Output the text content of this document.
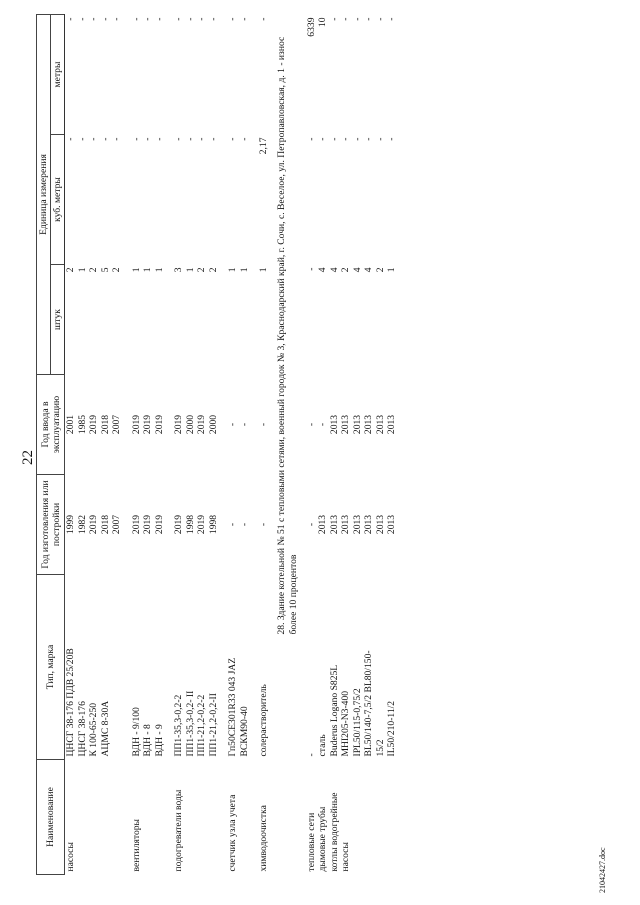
22
21042427.doc
Наименование	Тип, марка	Год изготовления или постройки	Год ввода в эксплуатацию	Единица измерения		
				штук	куб. метры	метры
насосы	ЦНСГ 38-176 ПДВ 25/20В	1999	2001	2	-	-
	ЦНСГ 38-176	1982	1985	1	-	-
	К 100-65-250	2019	2019	2	-	-
	АЦМС 8-30А	2018	2018	5	-	-
		2007	2007	2	-	-

вентиляторы	ВДН - 9/100	2019	2019	1	-	-
	ВДН - 8	2019	2019	1	-	-
	ВДН - 9	2019	2019	1	-	-

подогреватели воды	ПП1-35,3-0,2-2	2019	2019	3	-	-
	ПП1-35,3-0,2- II	1998	2000	1	-	-
	ПП1-21,2-0,2-2	2019	2019	2	-	-
	ПП1-21,2-0,2-II	1998	2000	2	-	-

счетчик узла учета	Гп50СЕ301R33 043 JAZ	-	-	1	-	-
	ВСКМ90-40	-	-	1	-	-

химводоочистка	солерастворитель	-	-	1	2,17	-
28. Здание котельной № 51 с тепловыми сетями, военный городок № 3, Краснодарский край, г. Сочи, с. Веселое, ул. Петропавловская, д. 1 - износ более 10 процентов						
тепловые сети	-	-	-	-	-	6339
дымовые трубы	сталь	2013	-	4	-	10
котлы водогрейные	Buderus Logano S825L	2013	2013	4	-	-
насосы	МНI205-N3-400	2013	2013	2	-	-
	IPL50/115-0,75/2	2013	2013	4	-	-
	BL50/140-7,5/2 BL80/150-	2013	2013	4	-	-
	15/2	2013	2013	2	-	-
	IL50/210-11/2	2013	2013	1	-	-
